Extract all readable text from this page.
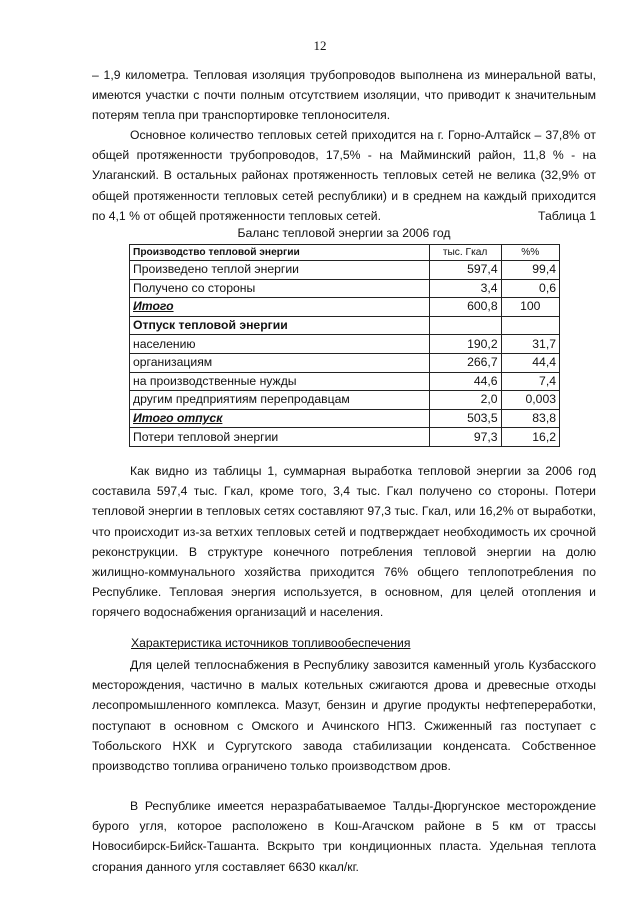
12

– 1,9 километра. Тепловая изоляция трубопроводов выполнена из минеральной ваты, имеются участки с почти полным отсутствием изоляции, что приводит к значительным потерям тепла при транспортировке теплоносителя.

Основное количество тепловых сетей приходится на г. Горно-Алтайск – 37,8% от общей протяженности трубопроводов, 17,5% - на Майминский район, 11,8 % - на Улаганский. В остальных районах протяженность тепловых сетей не велика (32,9% от общей протяженности тепловых сетей республики) и в среднем на каждый приходится по 4,1 % от общей протяженности тепловых сетей.	Таблица 1
Баланс тепловой энергии за 2006 год
Производство тепловой энергии	тыс. Гкал	%%
Произведено теплой энергии	597,4	99,4
Получено со стороны	3,4	0,6
Итого	600,8	100
Отпуск тепловой энергии		
населению	190,2	31,7
организациям	266,7	44,4
на производственные нужды	44,6	7,4
другим предприятиям перепродавцам	2,0	0,003
Итого отпуск	503,5	83,8
Потери тепловой энергии	97,3	16,2

Как видно из таблицы 1, суммарная выработка тепловой энергии за 2006 год составила 597,4 тыс. Гкал, кроме того, 3,4 тыс. Гкал получено со стороны. Потери тепловой энергии в тепловых сетях составляют 97,3 тыс. Гкал, или 16,2% от выработки, что происходит из-за ветхих тепловых сетей и подтверждает необходимость их срочной реконструкции. В структуре конечного потребления тепловой энергии на долю жилищно-коммунального хозяйства приходится 76% общего теплопотребления по Республике. Тепловая энергия используется, в основном, для целей отопления и горячего водоснабжения организаций и населения.

Характеристика источников топливообеспечения

Для целей теплоснабжения в Республику завозится каменный уголь Кузбасского месторождения, частично в малых котельных сжигаются дрова и древесные отходы лесопромышленного комплекса. Мазут, бензин и другие продукты нефтепереработки, поступают в основном с Омского и Ачинского НПЗ. Сжиженный газ поступает с Тобольского НХК и Сургутского завода стабилизации конденсата. Собственное производство топлива ограничено только производством дров.

В Республике имеется неразрабатываемое Талды-Дюргунское месторождение бурого угля, которое расположено в Кош-Агачском районе в 5 км от трассы Новосибирск-Бийск-Ташанта. Вскрыто три кондиционных пласта. Удельная теплота сгорания данного угля составляет 6630 ккал/кг.
